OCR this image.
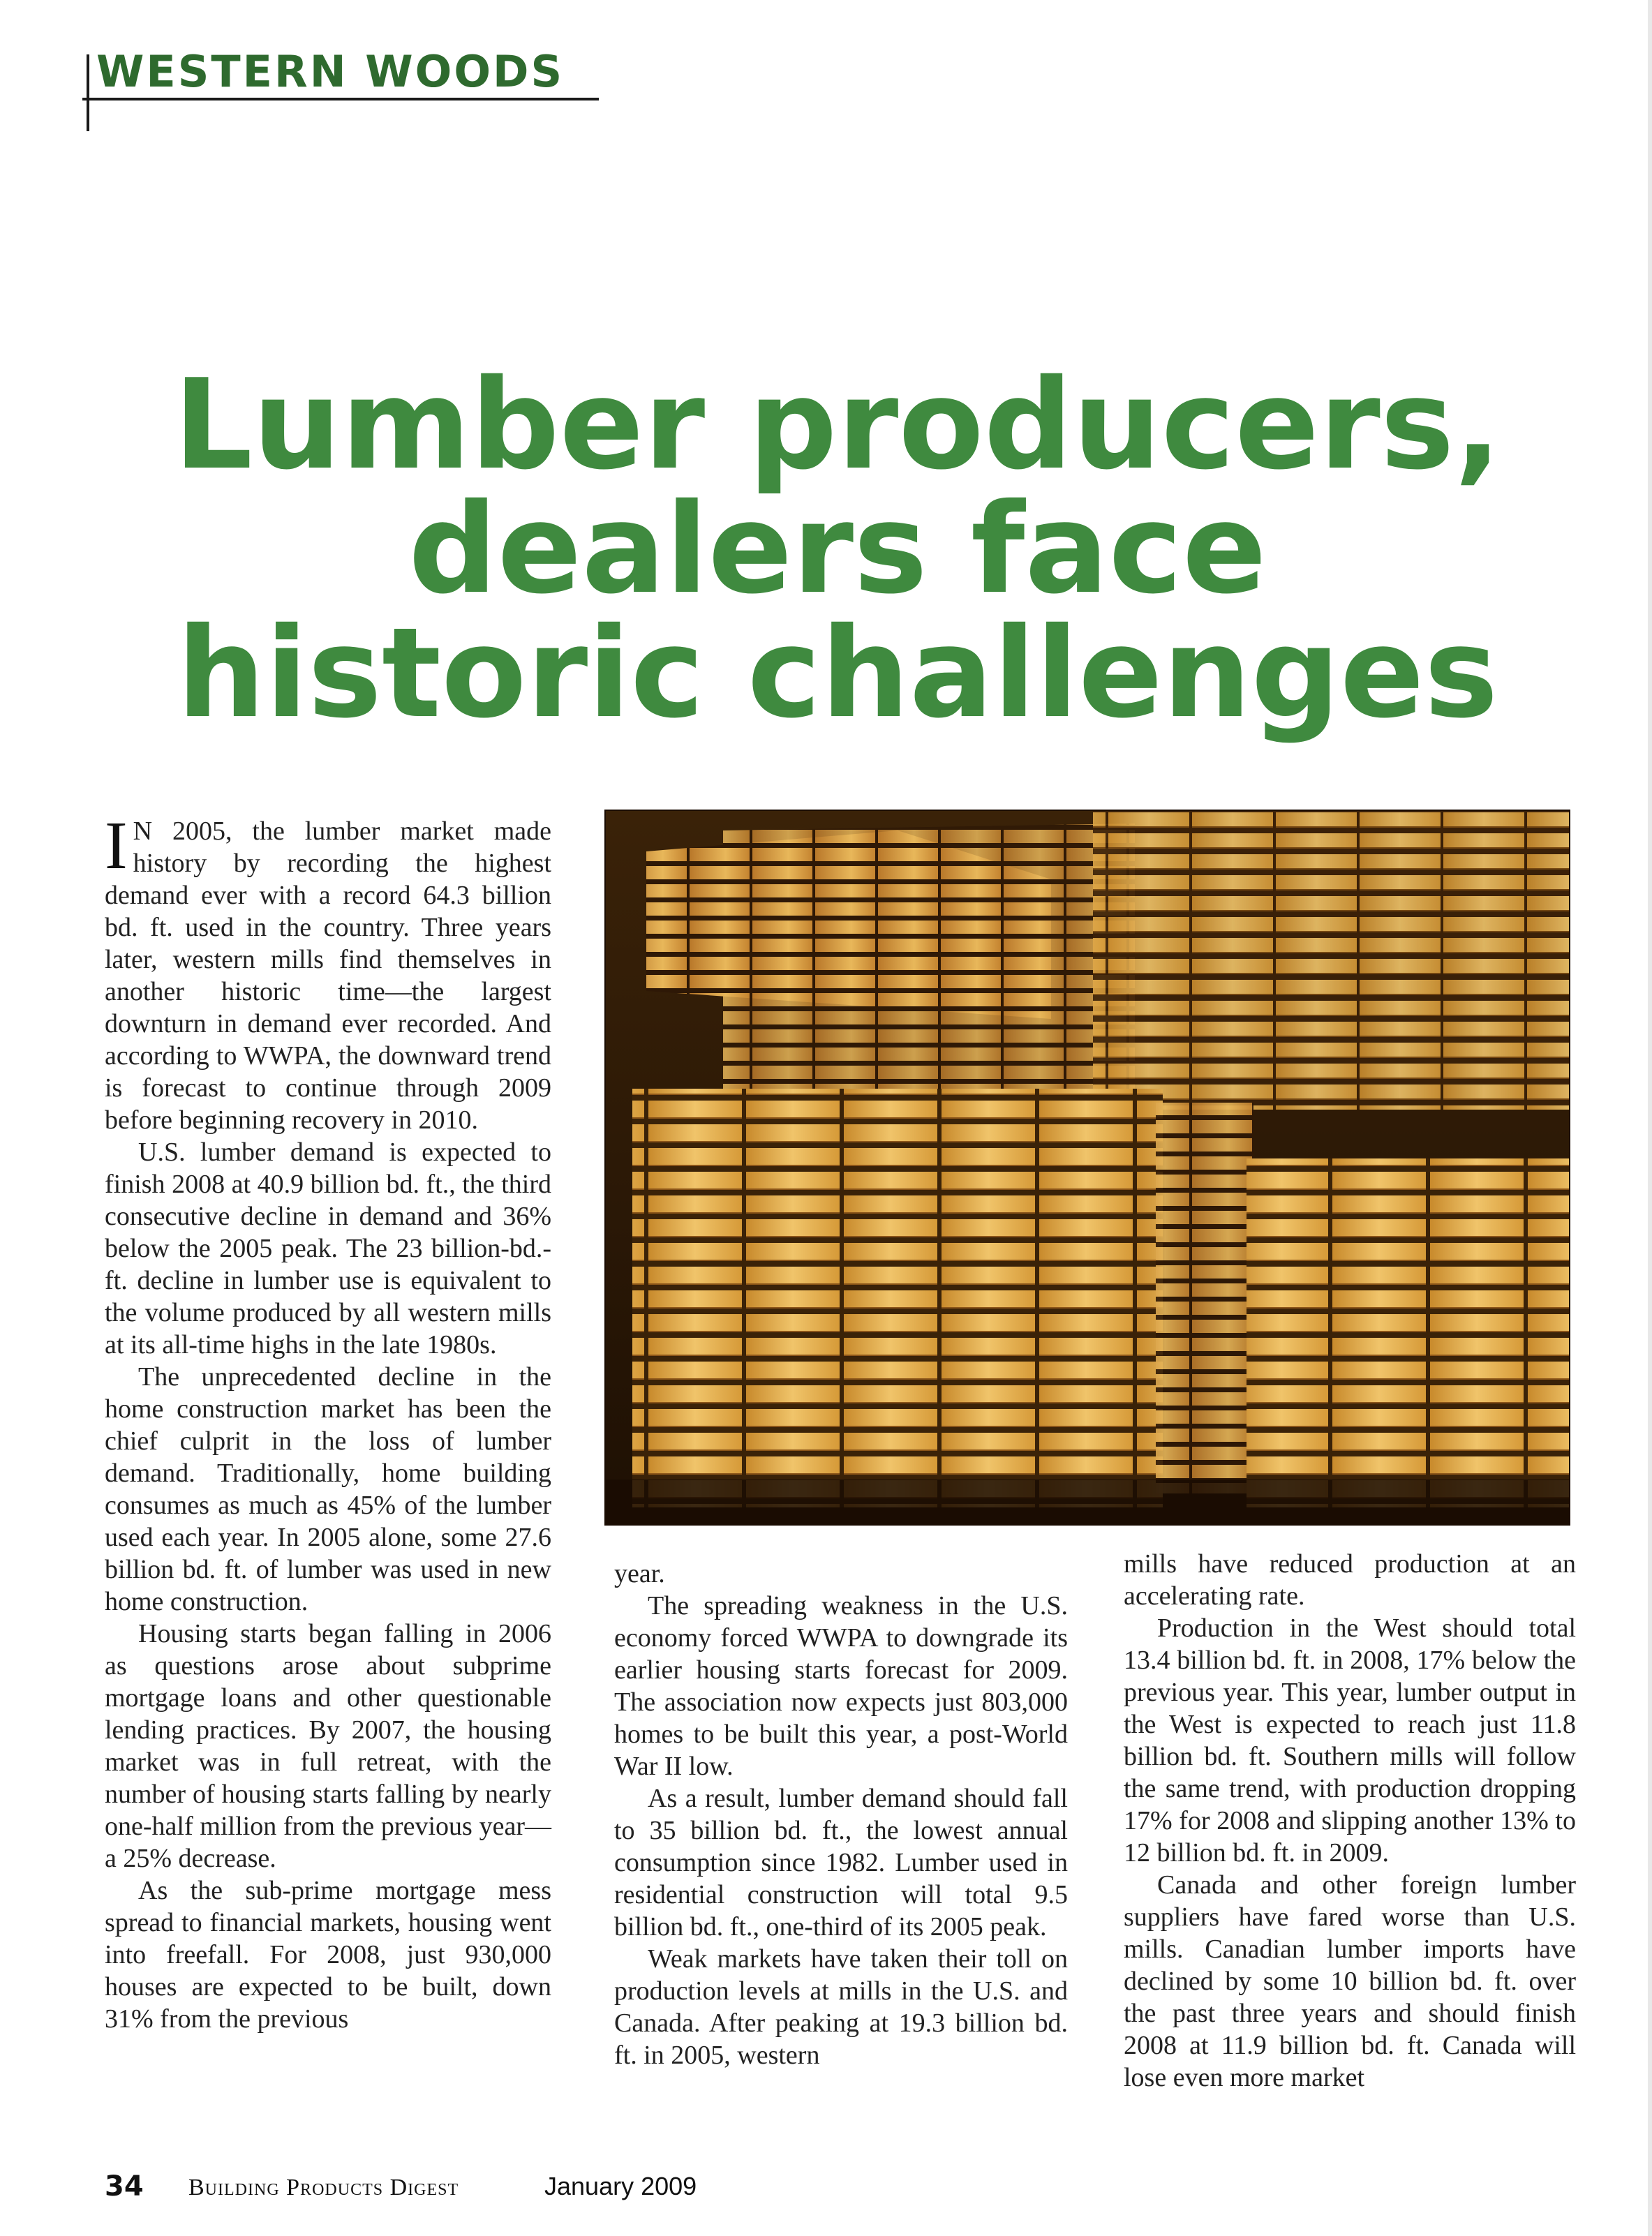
WESTERN WOODS
Lumber producers,
dealers face
historic challenges

I N 2005, the lumber market made history by recording the highest demand ever with a record 64.3 billion bd. ft. used in the country. Three years later, western mills find themselves in another historic time—the largest downturn in demand ever recorded. And according to WWPA, the downward trend is forecast to continue through 2009 before beginning recovery in 2010.

U.S. lumber demand is expected to finish 2008 at 40.9 billion bd. ft., the third consecutive decline in demand and 36% below the 2005 peak. The 23 billion-bd.-ft. decline in lumber use is equivalent to the volume produced by all western mills at its all-time highs in the late 1980s.

The unprecedented decline in the home construction market has been the chief culprit in the loss of lumber demand. Traditionally, home building consumes as much as 45% of the lumber used each year. In 2005 alone, some 27.6 billion bd. ft. of lumber was used in new home construction.

Housing starts began falling in 2006 as questions arose about subprime mortgage loans and other questionable lending practices. By 2007, the housing market was in full retreat, with the number of housing starts falling by nearly one-half million from the previous year—a 25% decrease.

As the sub-prime mortgage mess spread to financial markets, housing went into freefall. For 2008, just 930,000 houses are expected to be built, down 31% from the previous

year.

The spreading weakness in the U.S. economy forced WWPA to downgrade its earlier housing starts forecast for 2009. The association now expects just 803,000 homes to be built this year, a post-World War II low.

As a result, lumber demand should fall to 35 billion bd. ft., the lowest annual consumption since 1982. Lumber used in residential construction will total 9.5 billion bd. ft., one-third of its 2005 peak.

Weak markets have taken their toll on production levels at mills in the U.S. and Canada. After peaking at 19.3 billion bd. ft. in 2005, western

mills have reduced production at an accelerating rate.

Production in the West should total 13.4 billion bd. ft. in 2008, 17% below the previous year. This year, lumber output in the West is expected to reach just 11.8 billion bd. ft. Southern mills will follow the same trend, with production dropping 17% for 2008 and slipping another 13% to 12 billion bd. ft. in 2009.

Canada and other foreign lumber suppliers have fared worse than U.S. mills. Canadian lumber imports have declined by some 10 billion bd. ft. over the past three years and should finish 2008 at 11.9 billion bd. ft. Canada will lose even more market

34 Building Products Digest	January 2009
